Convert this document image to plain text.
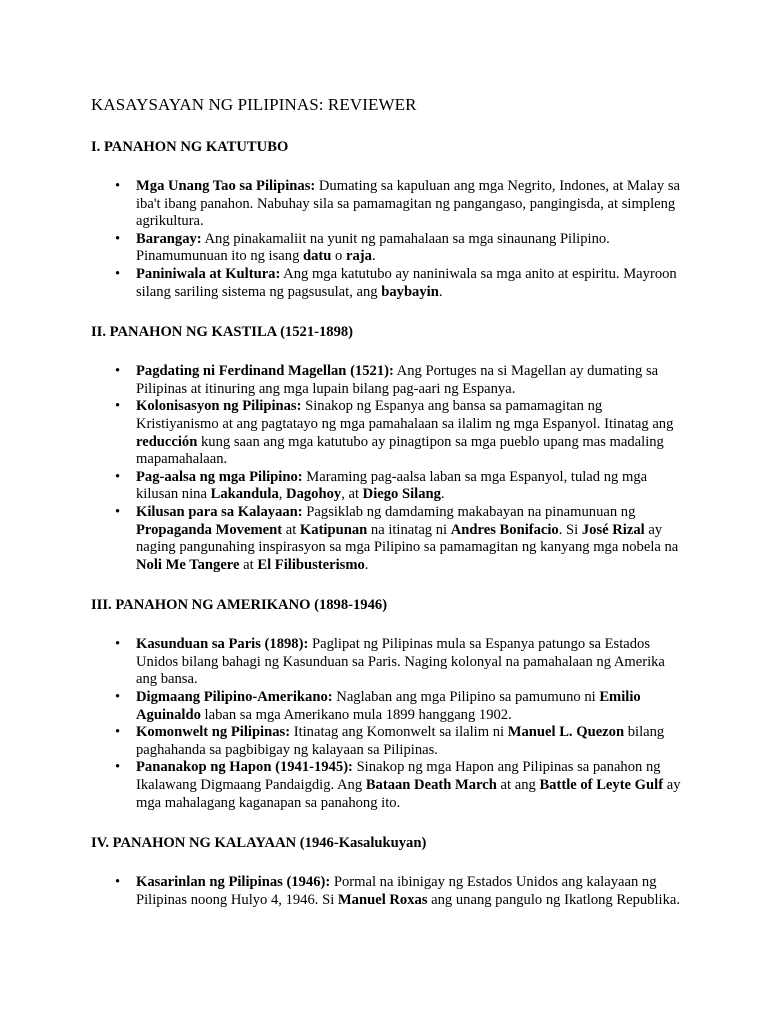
KASAYSAYAN NG PILIPINAS: REVIEWER
I. PANAHON NG KATUTUBO
• Mga Unang Tao sa Pilipinas: Dumating sa kapuluan ang mga Negrito, Indones, at Malay sa iba't ibang panahon. Nabuhay sila sa pamamagitan ng pangangaso, pangingisda, at simpleng agrikultura.
• Barangay: Ang pinakamaliit na yunit ng pamahalaan sa mga sinaunang Pilipino. Pinamumunuan ito ng isang datu o raja.
• Paniniwala at Kultura: Ang mga katutubo ay naniniwala sa mga anito at espiritu. Mayroon silang sariling sistema ng pagsusulat, ang baybayin.
II. PANAHON NG KASTILA (1521-1898)
• Pagdating ni Ferdinand Magellan (1521): Ang Portuges na si Magellan ay dumating sa Pilipinas at itinuring ang mga lupain bilang pag-aari ng Espanya.
• Kolonisasyon ng Pilipinas: Sinakop ng Espanya ang bansa sa pamamagitan ng Kristiyanismo at ang pagtatayo ng mga pamahalaan sa ilalim ng mga Espanyol. Itinatag ang reducción kung saan ang mga katutubo ay pinagtipon sa mga pueblo upang mas madaling mapamahalaan.
• Pag-aalsa ng mga Pilipino: Maraming pag-aalsa laban sa mga Espanyol, tulad ng mga kilusan nina Lakandula, Dagohoy, at Diego Silang.
• Kilusan para sa Kalayaan: Pagsiklab ng damdaming makabayan na pinamunuan ng Propaganda Movement at Katipunan na itinatag ni Andres Bonifacio. Si José Rizal ay naging pangunahing inspirasyon sa mga Pilipino sa pamamagitan ng kanyang mga nobela na Noli Me Tangere at El Filibusterismo.
III. PANAHON NG AMERIKANO (1898-1946)
• Kasunduan sa Paris (1898): Paglipat ng Pilipinas mula sa Espanya patungo sa Estados Unidos bilang bahagi ng Kasunduan sa Paris. Naging kolonyal na pamahalaan ng Amerika ang bansa.
• Digmaang Pilipino-Amerikano: Naglaban ang mga Pilipino sa pamumuno ni Emilio Aguinaldo laban sa mga Amerikano mula 1899 hanggang 1902.
• Komonwelt ng Pilipinas: Itinatag ang Komonwelt sa ilalim ni Manuel L. Quezon bilang paghahanda sa pagbibigay ng kalayaan sa Pilipinas.
• Pananakop ng Hapon (1941-1945): Sinakop ng mga Hapon ang Pilipinas sa panahon ng Ikalawang Digmaang Pandaigdig. Ang Bataan Death March at ang Battle of Leyte Gulf ay mga mahalagang kaganapan sa panahong ito.
IV. PANAHON NG KALAYAAN (1946-Kasalukuyan)
• Kasarinlan ng Pilipinas (1946): Pormal na ibinigay ng Estados Unidos ang kalayaan ng Pilipinas noong Hulyo 4, 1946. Si Manuel Roxas ang unang pangulo ng Ikatlong Republika.
